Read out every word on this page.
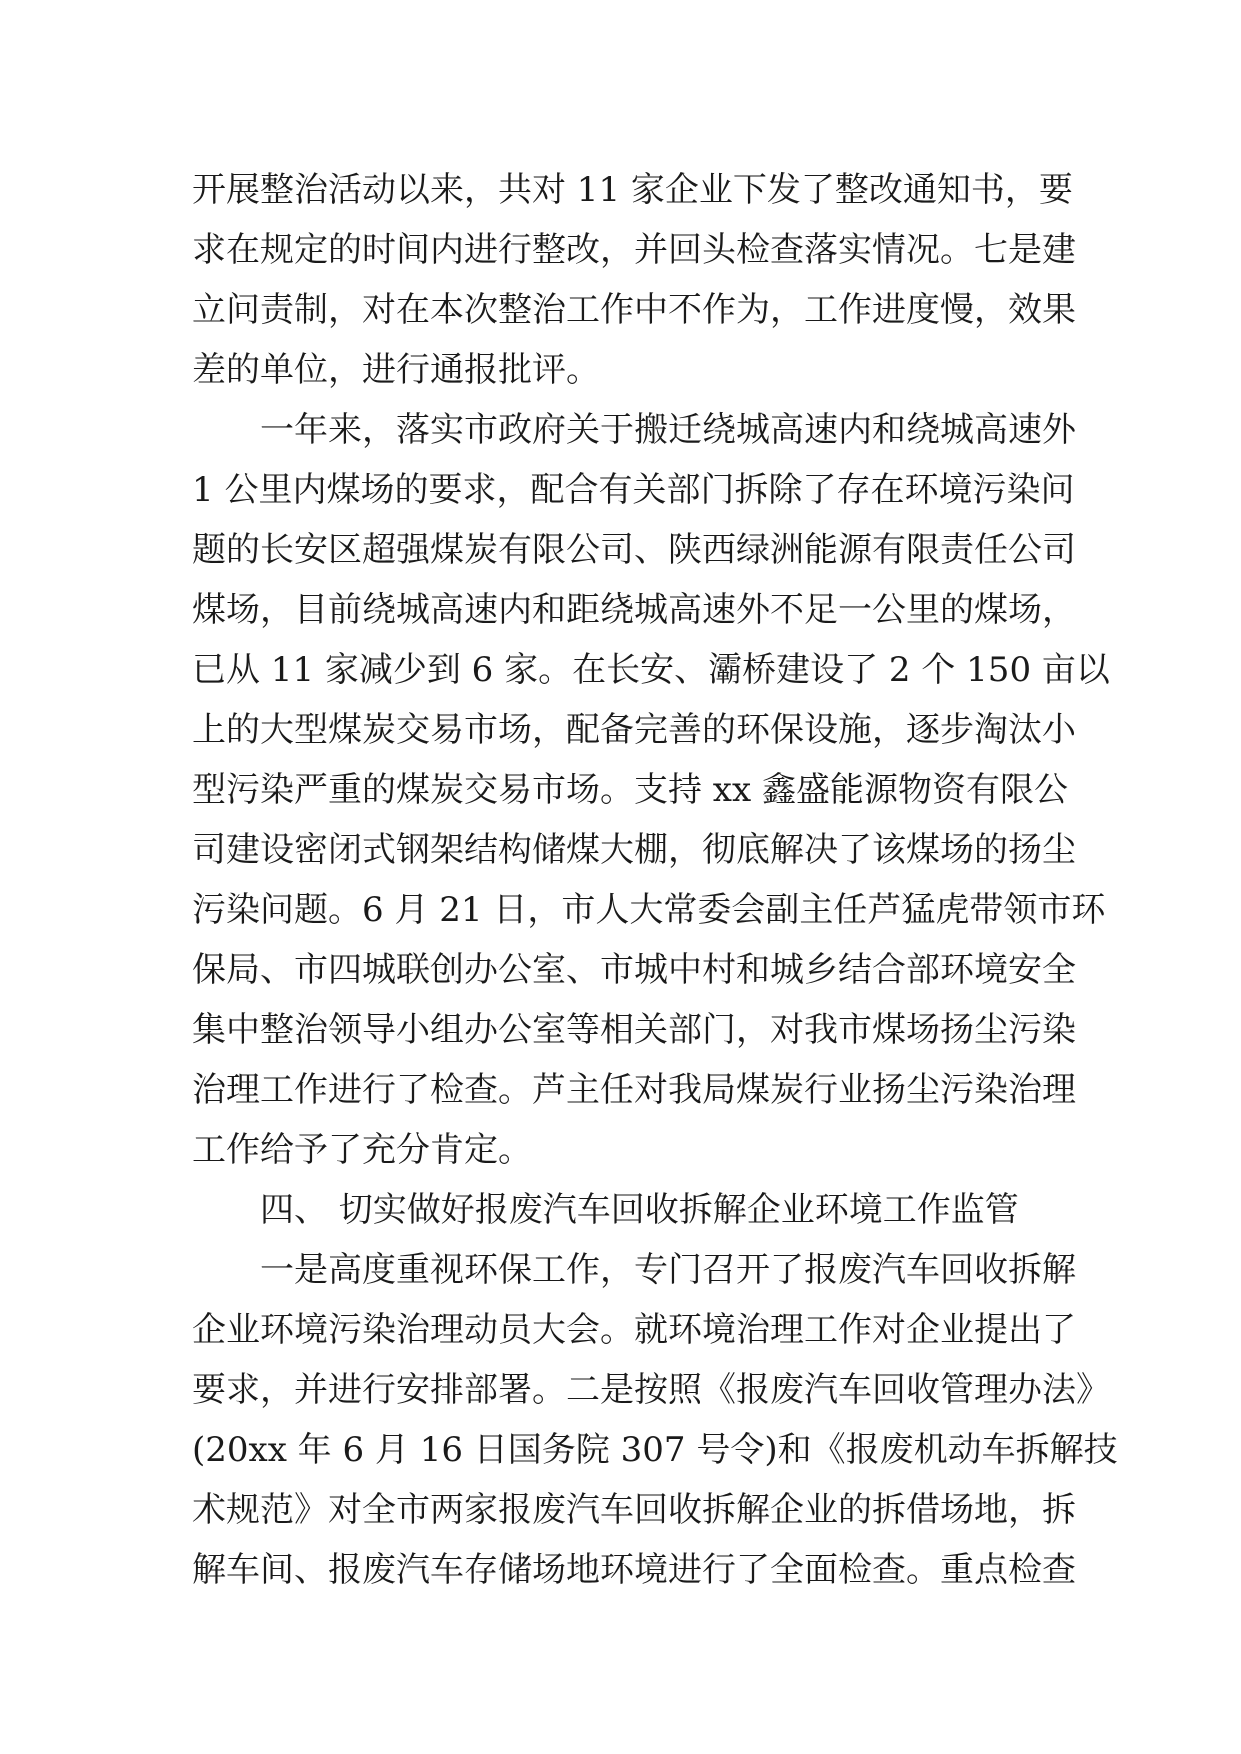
开展整治活动以来，共对 11 家企业下发了整改通知书，要
求在规定的时间内进行整改，并回头检查落实情况。七是建
立问责制，对在本次整治工作中不作为，工作进度慢，效果
差的单位，进行通报批评。
一年来，落实市政府关于搬迁绕城高速内和绕城高速外
1 公里内煤场的要求，配合有关部门拆除了存在环境污染问
题的长安区超强煤炭有限公司、陕西绿洲能源有限责任公司
煤场，目前绕城高速内和距绕城高速外不足一公里的煤场，
已从 11 家减少到 6 家。在长安、灞桥建设了 2 个 150 亩以
上的大型煤炭交易市场，配备完善的环保设施，逐步淘汰小
型污染严重的煤炭交易市场。支持 xx 鑫盛能源物资有限公
司建设密闭式钢架结构储煤大棚，彻底解决了该煤场的扬尘
污染问题。6 月 21 日，市人大常委会副主任芦猛虎带领市环
保局、市四城联创办公室、市城中村和城乡结合部环境安全
集中整治领导小组办公室等相关部门，对我市煤场扬尘污染
治理工作进行了检查。芦主任对我局煤炭行业扬尘污染治理
工作给予了充分肯定。
四、 切实做好报废汽车回收拆解企业环境工作监管
一是高度重视环保工作，专门召开了报废汽车回收拆解
企业环境污染治理动员大会。就环境治理工作对企业提出了
要求，并进行安排部署。二是按照《报废汽车回收管理办法》
(20xx 年 6 月 16 日国务院 307 号令)和《报废机动车拆解技
术规范》对全市两家报废汽车回收拆解企业的拆借场地，拆
解车间、报废汽车存储场地环境进行了全面检查。重点检查
